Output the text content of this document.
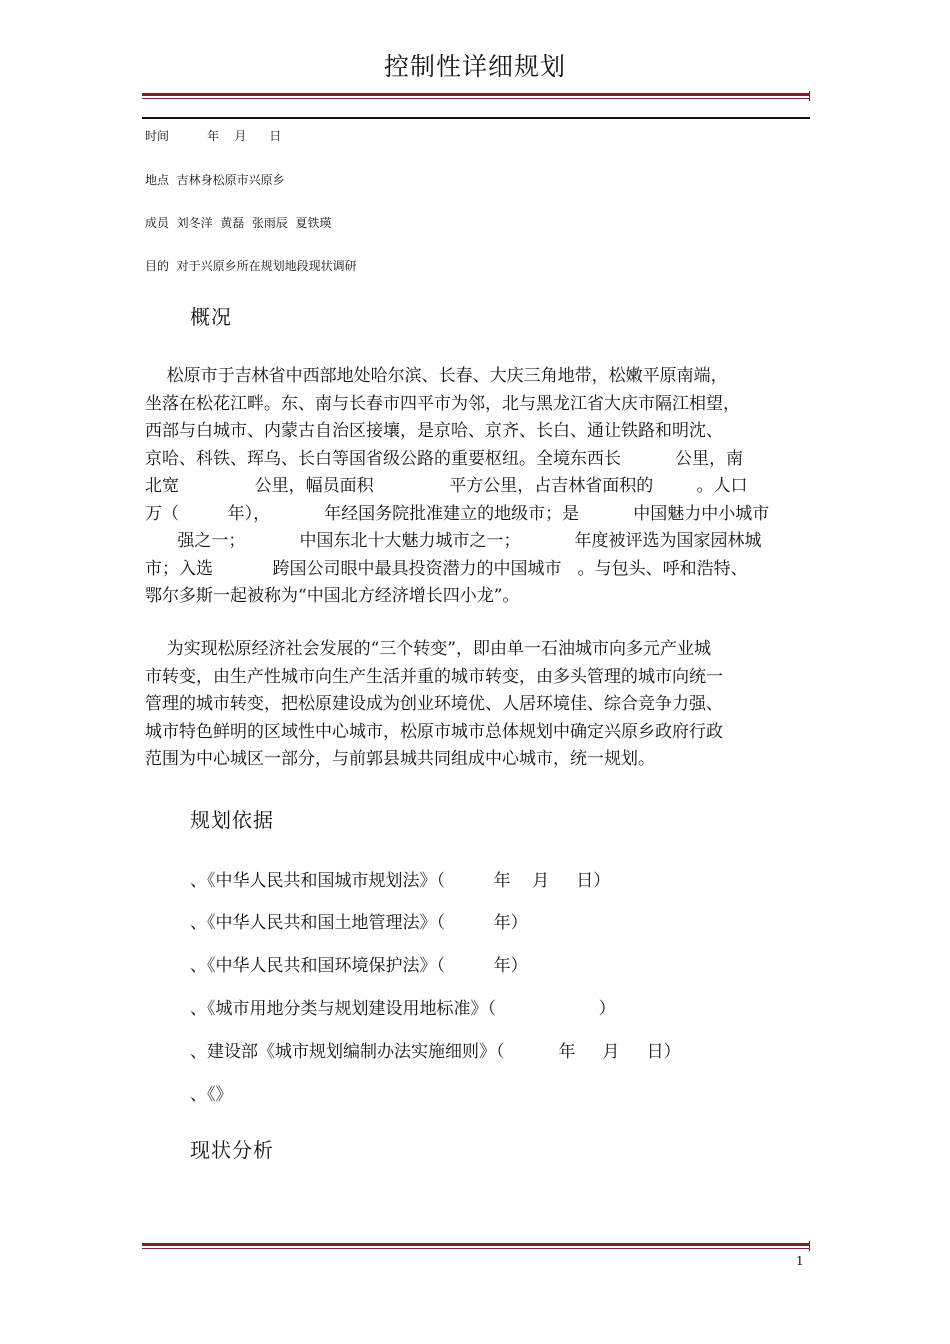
控制性详细规划
时间          年    月      日
地点  吉林身松原市兴原乡
成员  刘冬洋  黄磊  张雨辰  夏铁瑛
目的  对于兴原乡所在规划地段现状调研
概况
松原市于吉林省中西部地处哈尔滨、长春、大庆三角地带，松嫩平原南端，
坐落在松花江畔。东、南与长春市四平市为邻，北与黑龙江省大庆市隔江相望，
西部与白城市、内蒙古自治区接壤，是京哈、京齐、长白、通让铁路和明沈、
京哈、科铁、珲乌、长白等国省级公路的重要枢纽。全境东西长          公里，南
北宽              公里，幅员面积              平方公里，占吉林省面积的        。人口
万（         年），          年经国务院批准建立的地级市；是          中国魅力中小城市
强之一；          中国东北十大魅力城市之一；          年度被评选为国家园林城
市；入选           跨国公司眼中最具投资潜力的中国城市   。与包头、呼和浩特、
鄂尔多斯一起被称为“中国北方经济增长四小龙”。
为实现松原经济社会发展的“三个转变”，即由单一石油城市向多元产业城
市转变，由生产性城市向生产生活并重的城市转变，由多头管理的城市向统一
管理的城市转变，把松原建设成为创业环境优、人居环境佳、综合竞争力强、
城市特色鲜明的区域性中心城市，松原市城市总体规划中确定兴原乡政府行政
范围为中心城区一部分，与前郭县城共同组成中心城市，统一规划。
规划依据
、《中华人民共和国城市规划法》（         年    月     日）
、《中华人民共和国土地管理法》（         年）
、《中华人民共和国环境保护法》（         年）
、《城市用地分类与规划建设用地标准》（                   ）
、建设部《城市规划编制办法实施细则》（          年     月     日）
、《》
现状分析
1
